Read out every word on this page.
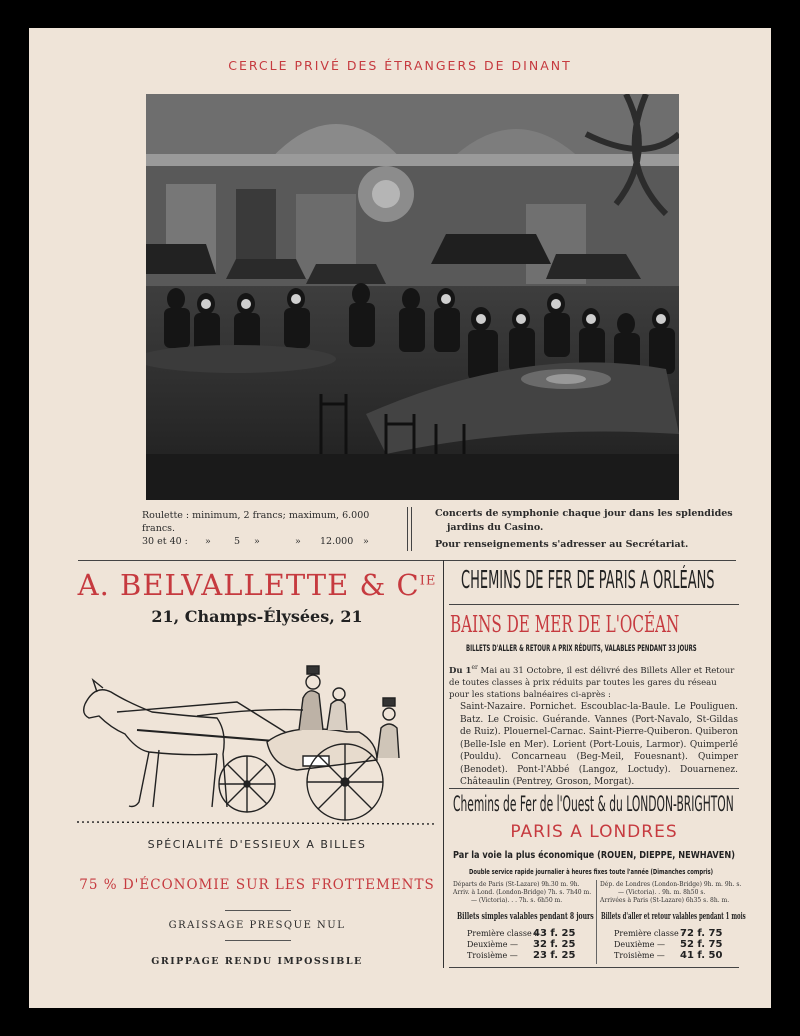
CERCLE PRIVÉ DES ÉTRANGERS DE DINANT
Roulette : minimum, 2 francs; maximum, 6.000 francs.
30 et 40 : » 5 »	» 12.000 »
Concerts de symphonie chaque jour dans les splendides
jardins du Casino.
Pour renseignements s'adresser au Secrétariat.
A. BELVALLETTE & $C^{IE}$
21, Champs-Élysées, 21
SPÉCIALITÉ D'ESSIEUX A BILLES
75 % D'ÉCONOMIE SUR LES FROTTEMENTS
GRAISSAGE PRESQUE NUL
GRIPPAGE RENDU IMPOSSIBLE
CHEMINS DE FER DE PARIS A ORLÉANS
BAINS DE MER DE L'OCÉAN
BILLETS D'ALLER & RETOUR A PRIX RÉDUITS, VALABLES PENDANT 33 JOURS
Du 1er Mai au 31 Octobre, il est délivré des Billets Aller et Retour de toutes classes à prix réduits par toutes les gares du réseau pour les stations balnéaires ci-après :
Saint-Nazaire. Pornichet. Escoublac-la-Baule. Le Pouliguen. Batz. Le Croisic. Guérande. Vannes (Port-Navalo, St-Gildas de Ruiz). Plouernel-Carnac. Saint-Pierre-Quiberon. Quiberon (Belle-Isle en Mer). Lorient (Port-Louis, Larmor). Quimperlé (Pouldu). Concarneau (Beg-Meil, Fouesnant). Quimper (Benodet). Pont-l'Abbé (Langoz, Loctudy). Douarnenez. Châteaulin (Pentrey, Groson, Morgat).
Chemins de Fer de l'Ouest & du LONDON-BRIGHTON
PARIS A LONDRES
Par la voie la plus économique (ROUEN, DIEPPE, NEWHAVEN)
Double service rapide journalier à heures fixes toute l'année (Dimanches compris)
Départs de Paris (St-Lazare) 9h.30 m. 9h.
Arriv. à Lond. (London-Bridge) 7h. s. 7h40 m.
— (Victoria). . . 7h. s. 6h50 m.
Dép. de Londres (London-Bridge) 9h. m. 9h. s.
— (Victoria). . 9h. m. 8h50 s.
Arrivées à Paris (St-Lazare) 6h35 s. 8h. m.
Billets simples valables pendant 8 jours Billets d'aller et retour valables pendant 1 mois
Première classe :
43 f. 25
Deuxième — 32 f. 25
Troisième — 23 f. 25
Première classe :
72 f. 75
Deuxième — 52 f. 75
Troisième — 41 f. 50
